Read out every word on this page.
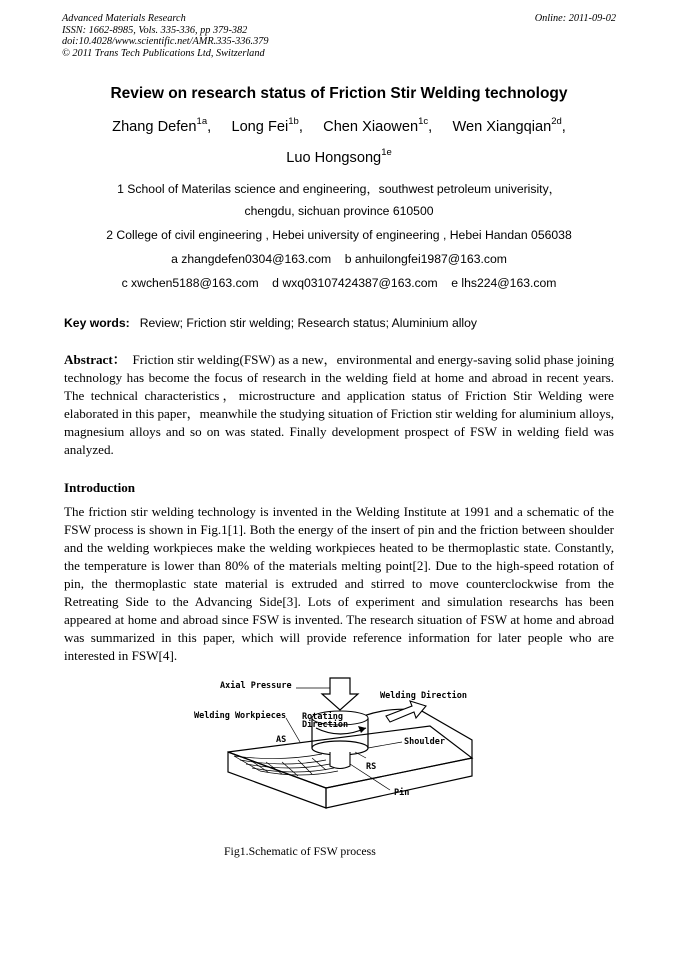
Advanced Materials Research
ISSN: 1662-8985, Vols. 335-336, pp 379-382
doi:10.4028/www.scientific.net/AMR.335-336.379
© 2011 Trans Tech Publications Ltd, Switzerland
Online: 2011-09-02
Review on research status of Friction Stir Welding technology
Zhang Defen$^{1a}$,     Long Fei$^{1b}$,     Chen Xiaowen$^{1c}$,     Wen Xiangqian$^{2d}$,
Luo Hongsong$^{1e}$
1 School of Materilas science and engineering，southwest petroleum univerisity，
chengdu, sichuan province 610500
2 College of civil engineering , Hebei university of engineering , Hebei Handan 056038
a zhangdefen0304@163.com    b anhuilongfei1987@163.com
c xwchen5188@163.com    d wxq03107424387@163.com    e lhs224@163.com
Key words: Review; Friction stir welding; Research status; Aluminium alloy
Abstract： Friction stir welding(FSW) as a new，environmental and energy-saving solid phase joining technology has become the focus of research in the welding field at home and abroad in recent years. The technical characteristics，microstructure and application status of Friction Stir Welding were elaborated in this paper，meanwhile the studying situation of Friction stir welding for aluminium alloys, magnesium alloys and so on was stated. Finally development prospect of FSW in welding field was analyzed.
Introduction
The friction stir welding technology is invented in the Welding Institute at 1991 and a schematic of the FSW process is shown in Fig.1[1]. Both the energy of the insert of pin and the friction between shoulder and the welding workpieces make the welding workpieces heated to be thermoplastic state. Constantly, the temperature is lower than 80% of the materials melting point[2]. Due to the high-speed rotation of pin, the thermoplastic state material is extruded and stirred to move counterclockwise from the Retreating Side to the Advancing Side[3]. Lots of experiment and simulation researchs has been appeared at home and abroad since FSW is invented. The research situation of FSW at home and abroad was summarized in this paper, which will provide reference information for later people who are interested in FSW[4].
Axial Pressure
Welding Direction
Welding Workpieces Rotating
Direction
AS	Shoulder
RS
Pin
Fig1.Schematic of FSW process
